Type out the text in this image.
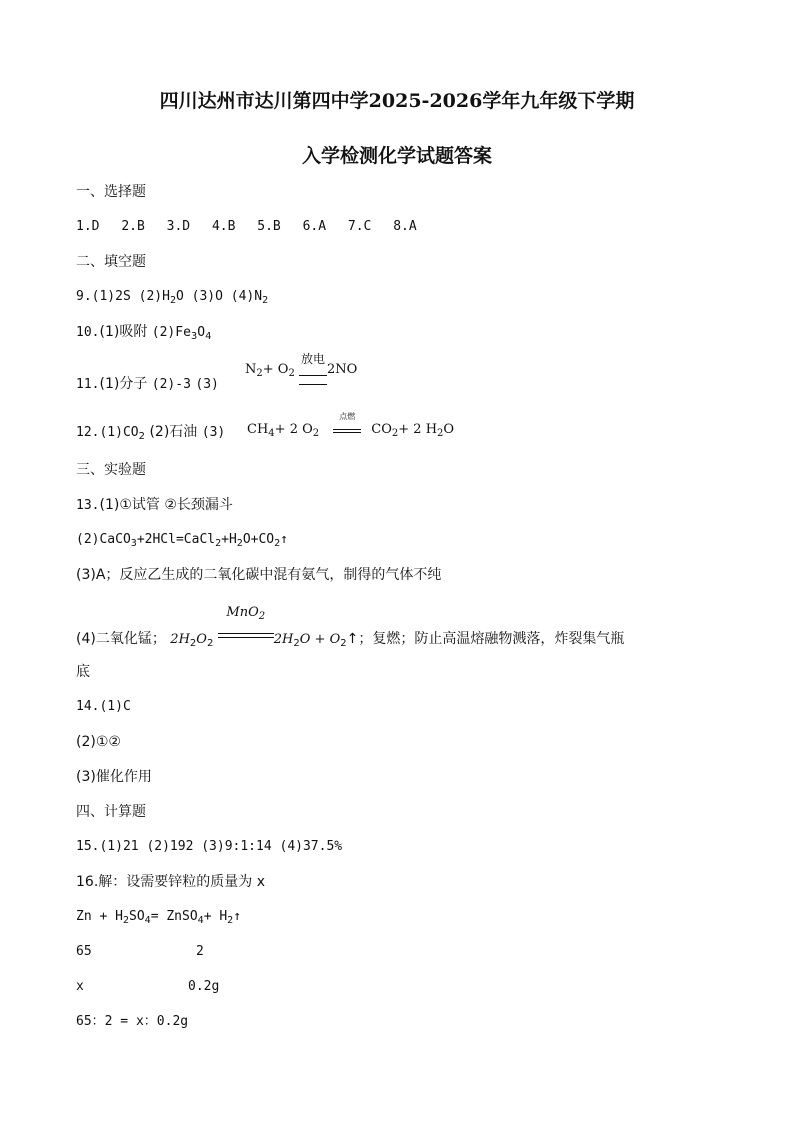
四川达州市达川第四中学2025-2026学年九年级下学期
入学检测化学试题答案
一、选择题
1.D 2.B 3.D 4.B 5.B 6.A 7.C 8.A
二、填空题
9.(1)2S $(2)H_2O$ (3)O $(4)N_2$
10.(1)吸附 $(2)Fe_3O_4$
11.(1)分子 (2)-3 (3)
$N_2+ O_2$
放电
2NO
$12.(1)CO_2$ (2)石油 (3) $CH_4+ 2$ $O_2$
点燃
$CO_2+ 2$ $H_2O$
三、实验题
13.(1)①试管 ②长颈漏斗
$(2)CaCO_3+2HCl=CaCl_2+H_2O+CO_2↑$
(3)A；反应乙生成的二氧化碳中混有氨气，制得的气体不纯
(4)二氧化锰； $2H_2O_2$
MnO$_2$
$2H_2O$ + $O_2↑$；复燃；防止高温熔融物溅落，炸裂集气瓶
底
14.(1)C
(2)①②
(3)催化作用
四、计算题
15.(1)21 (2)192 (3)9:1:14 (4)37.5%
16.解：设需要锌粒的质量为 x
$Zn + H_2SO_4=$ ZnSO$_4$+ $H_2↑$
65	2
x	0.2g
65：2 = x：0.2g
